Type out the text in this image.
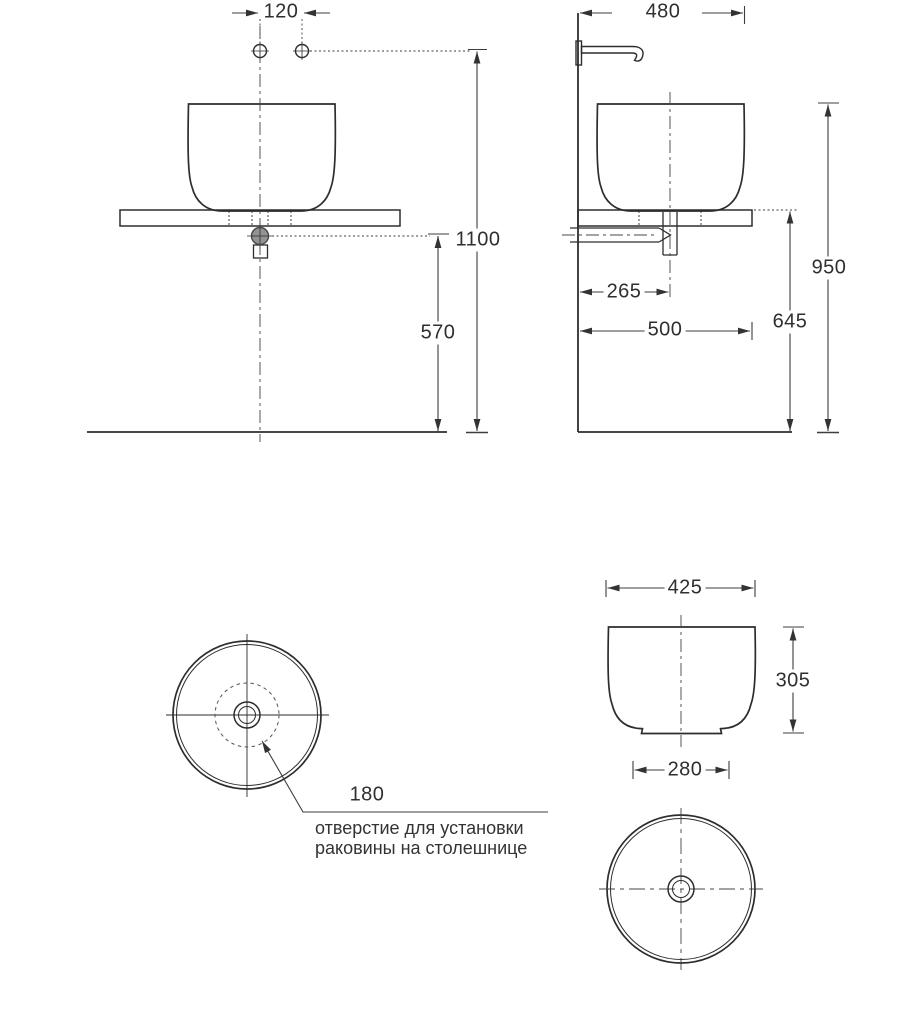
120
1100
570
480
265
500	645
950
425
305
280
180
отверстие для установки
раковины на столешнице
